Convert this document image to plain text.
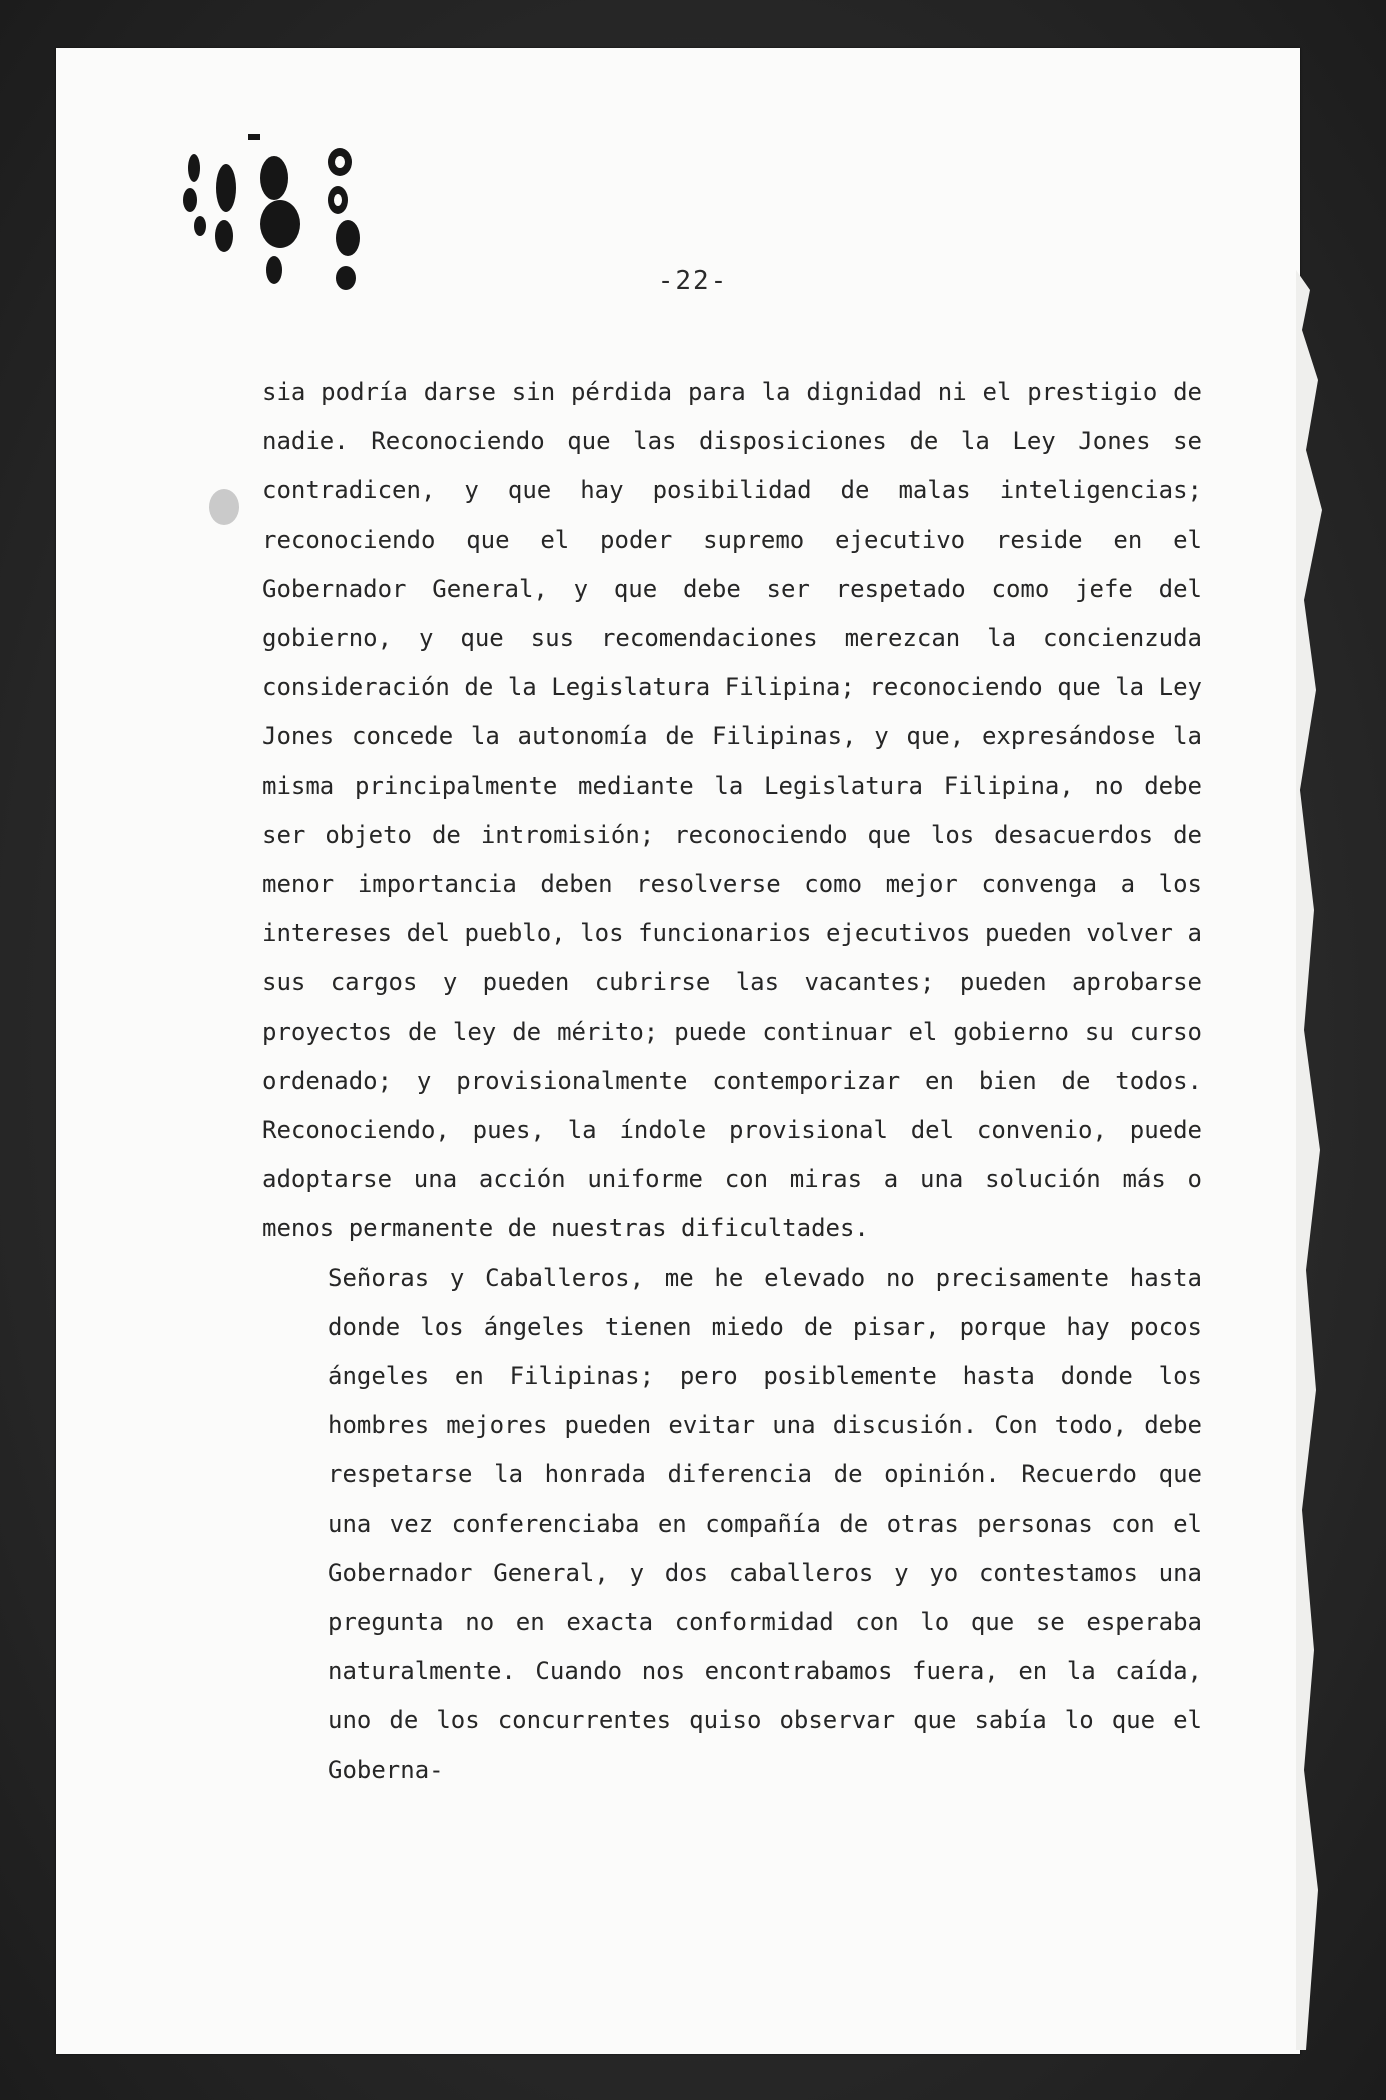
-22-

sia podría darse sin pérdida para la dignidad ni el prestigio de nadie. Reconociendo que las disposiciones de la Ley Jones se contradicen, y que hay posibilidad de malas inteligencias; reconociendo que el poder supremo ejecutivo reside en el Gobernador General, y que debe ser respetado como jefe del gobierno, y que sus recomendaciones merezcan la concienzuda consideración de la Legislatura Filipina; reconociendo que la Ley Jones concede la autonomía de Filipinas, y que, expresándose la misma principalmente mediante la Legislatura Filipina, no debe ser objeto de intromisión; reconociendo que los desacuerdos de menor importancia deben resolverse como mejor convenga a los intereses del pueblo, los funcionarios ejecutivos pueden volver a sus cargos y pueden cubrirse las vacantes; pueden aprobarse proyectos de ley de mérito; puede continuar el gobierno su curso ordenado; y provisionalmente contemporizar en bien de todos. Reconociendo, pues, la índole provisional del convenio, puede adoptarse una acción uniforme con miras a una solución más o menos permanente de nuestras dificultades.

Señoras y Caballeros, me he elevado no precisamente hasta donde los ángeles tienen miedo de pisar, porque hay pocos ángeles en Filipinas; pero posiblemente hasta donde los hombres mejores pueden evitar una discusión. Con todo, debe respetarse la honrada diferencia de opinión. Recuerdo que una vez conferenciaba en compañía de otras personas con el Gobernador General, y dos caballeros y yo contestamos una pregunta no en exacta conformidad con lo que se esperaba naturalmente. Cuando nos encontrabamos fuera, en la caída, uno de los concurrentes quiso observar que sabía lo que el Goberna-
